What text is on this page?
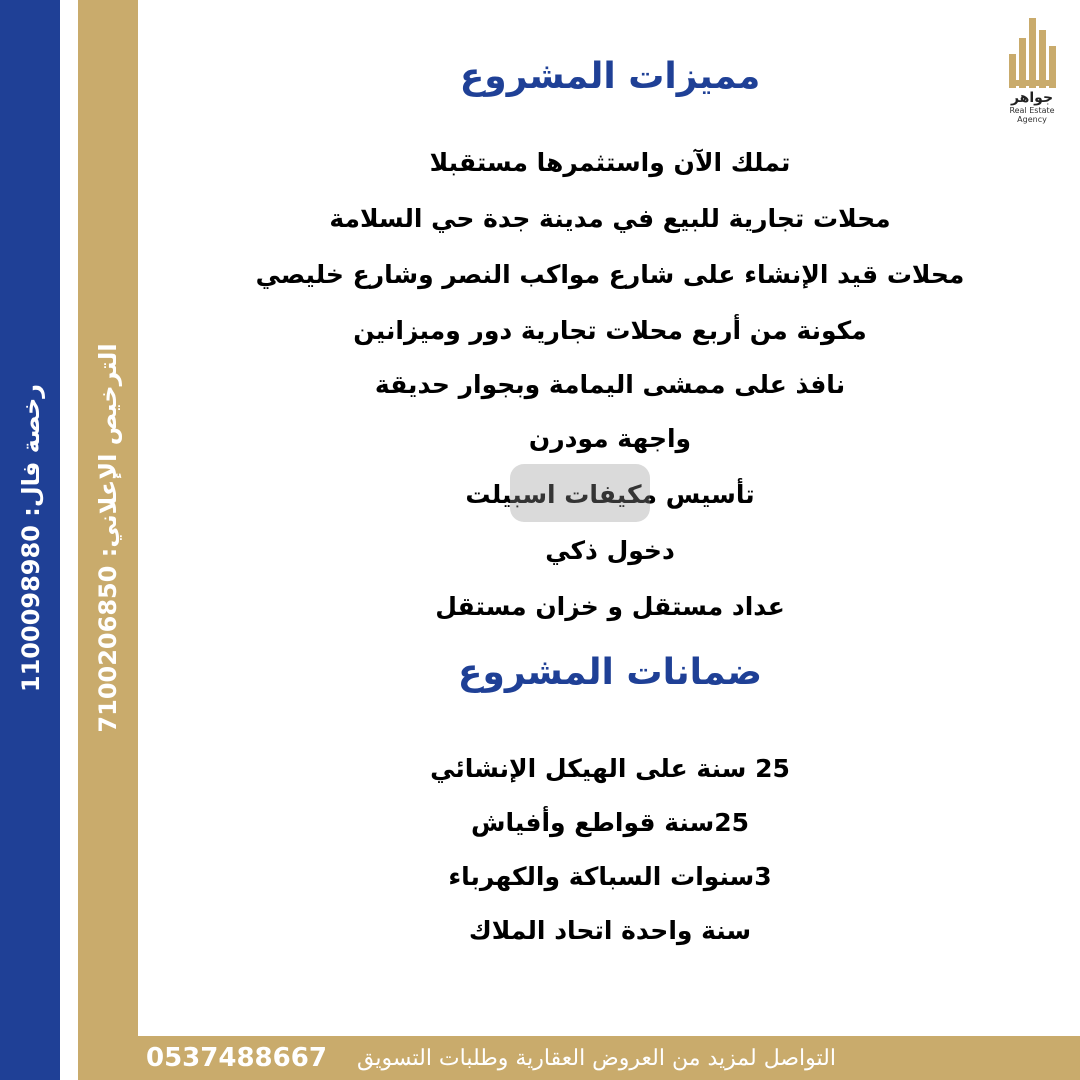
رخصة فال: 1100098980
الترخيص الإعلاني: 7100206850
جواهر
Real Estate Agency
مميزات المشروع
تملك الآن واستثمرها مستقبلا
محلات تجارية للبيع في مدينة جدة حي السلامة
محلات قيد الإنشاء على شارع مواكب النصر وشارع خليصي
مكونة من أربع محلات تجارية دور وميزانين
نافذ على ممشى اليمامة وبجوار حديقة
واجهة مودرن
تأسيس مكيفات اسبيلت
دخول ذكي
عداد مستقل و خزان مستقل
ضمانات المشروع
25 سنة على الهيكل الإنشائي
25سنة قواطع وأفياش
3سنوات السباكة والكهرباء
سنة واحدة اتحاد الملاك
0537488667 التواصل لمزيد من العروض العقارية وطلبات التسويق
